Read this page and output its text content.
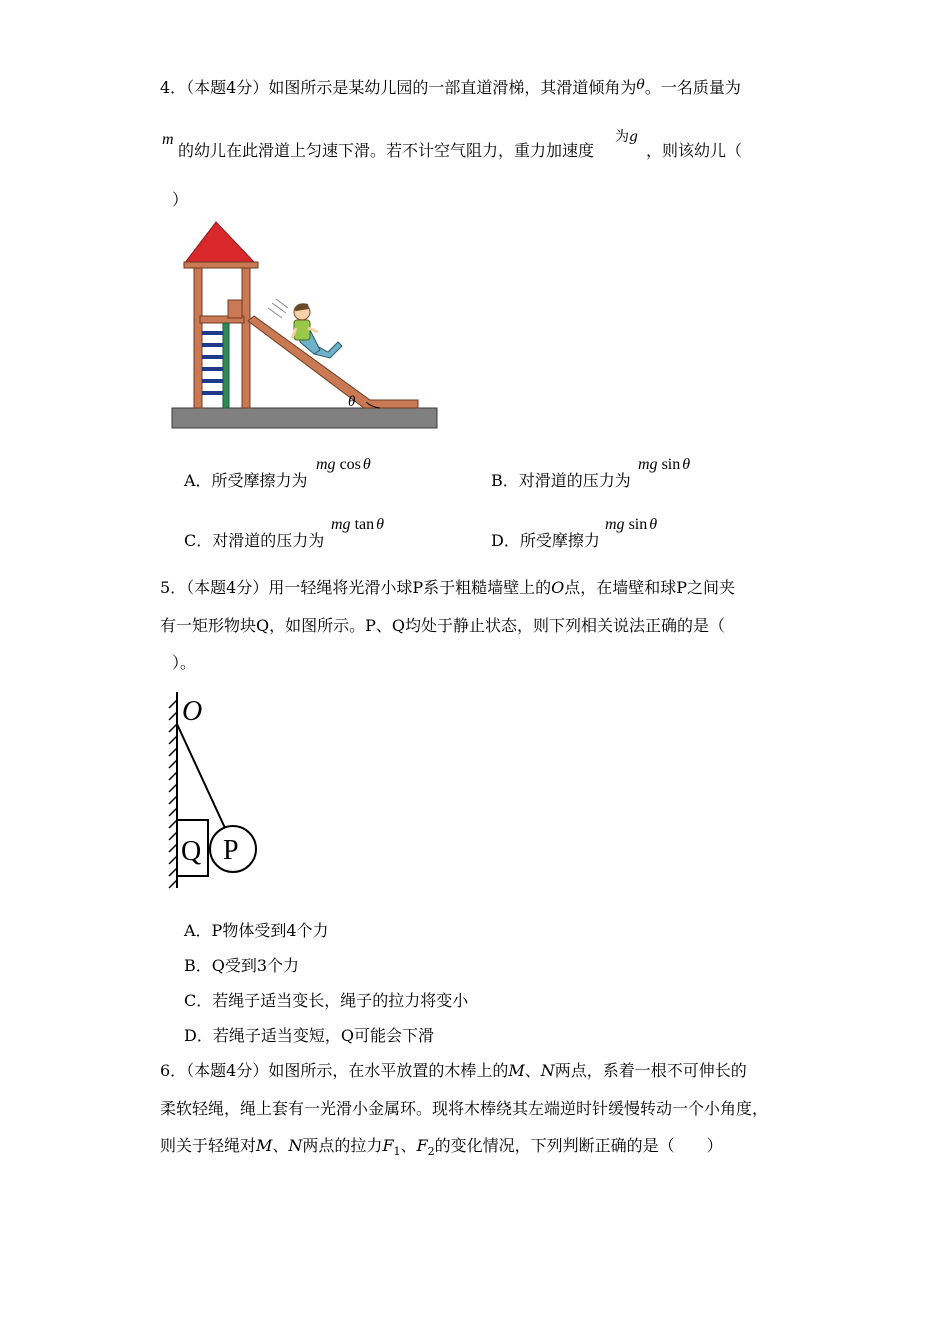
4．（本题4分）如图所示是某幼儿园的一部直道滑梯，其滑道倾角为θ。一名质量为
m
的幼儿在此滑道上匀速下滑。若不计空气阻力，重力加速度
为g
，则该幼儿（
）
θ
A．所受摩擦力为
mg cos θ
B．对滑道的压力为
mg sin θ
C．对滑道的压力为
mg tan θ
D．所受摩擦力
mg sin θ
5．（本题4分）用一轻绳将光滑小球P系于粗糙墙壁上的O点，在墙壁和球P之间夹
有一矩形物块Q，如图所示。P、Q均处于静止状态，则下列相关说法正确的是（
）。
O
Q P
A．P物体受到4个力
B．Q受到3个力
C．若绳子适当变长，绳子的拉力将变小
D．若绳子适当变短，Q可能会下滑
6．（本题4分）如图所示，在水平放置的木棒上的M、N两点，系着一根不可伸长的
柔软轻绳，绳上套有一光滑小金属环。现将木棒绕其左端逆时针缓慢转动一个小角度，
则关于轻绳对M、N两点的拉力$F_1$、$F_2$的变化情况，下列判断正确的是（　　）
